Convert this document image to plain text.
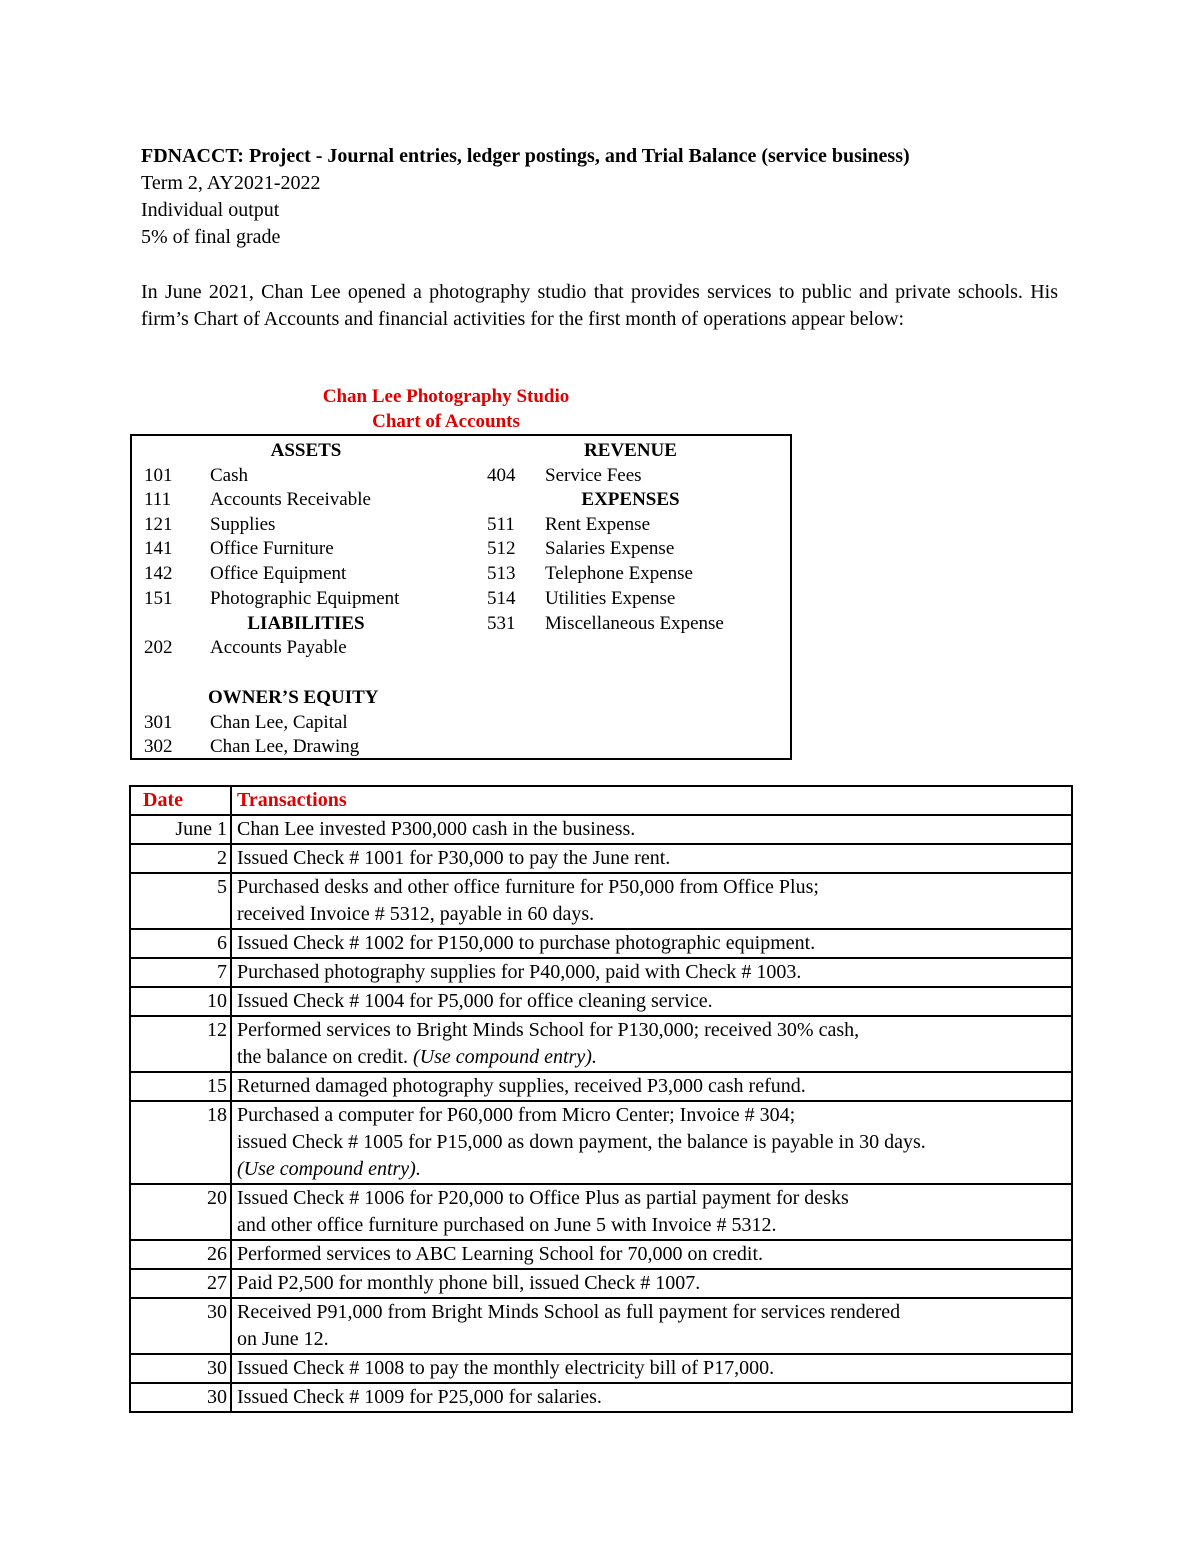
FDNACCT: Project - Journal entries, ledger postings, and Trial Balance (service business)
Term 2, AY2021-2022
Individual output
5% of final grade
In June 2021, Chan Lee opened a photography studio that provides services to public and private schools. His firm’s Chart of Accounts and financial activities for the first month of operations appear below:
Chan Lee Photography Studio
Chart of Accounts
ASSETS
101 Cash
111 Accounts Receivable
121 Supplies
141 Office Furniture
142 Office Equipment
151 Photographic Equipment
LIABILITIES
202 Accounts Payable
OWNER’S EQUITY
301 Chan Lee, Capital
302 Chan Lee, Drawing
REVENUE
404 Service Fees
EXPENSES
511 Rent Expense
512 Salaries Expense
513 Telephone Expense
514 Utilities Expense
531 Miscellaneous Expense
Date	Transactions
June 1	Chan Lee invested P300,000 cash in the business.

2	Issued Check # 1001 for P30,000 to pay the June rent.

5	Purchased desks and other office furniture for P50,000 from Office Plus;
received Invoice # 5312, payable in 60 days.

6	Issued Check # 1002 for P150,000 to purchase photographic equipment.

7	Purchased photography supplies for P40,000, paid with Check # 1003.

10	Issued Check # 1004 for P5,000 for office cleaning service.

12	Performed services to Bright Minds School for P130,000; received 30% cash,
the balance on credit. (Use compound entry).

15	Returned damaged photography supplies, received P3,000 cash refund.

18	Purchased a computer for P60,000 from Micro Center; Invoice # 304;
issued Check # 1005 for P15,000 as down payment, the balance is payable in 30 days.
(Use compound entry).

20	Issued Check # 1006 for P20,000 to Office Plus as partial payment for desks
and other office furniture purchased on June 5 with Invoice # 5312.

26	Performed services to ABC Learning School for 70,000 on credit.

27	Paid P2,500 for monthly phone bill, issued Check # 1007.

30	Received P91,000 from Bright Minds School as full payment for services rendered
on June 12.

30	Issued Check # 1008 to pay the monthly electricity bill of P17,000.

30	Issued Check # 1009 for P25,000 for salaries.
